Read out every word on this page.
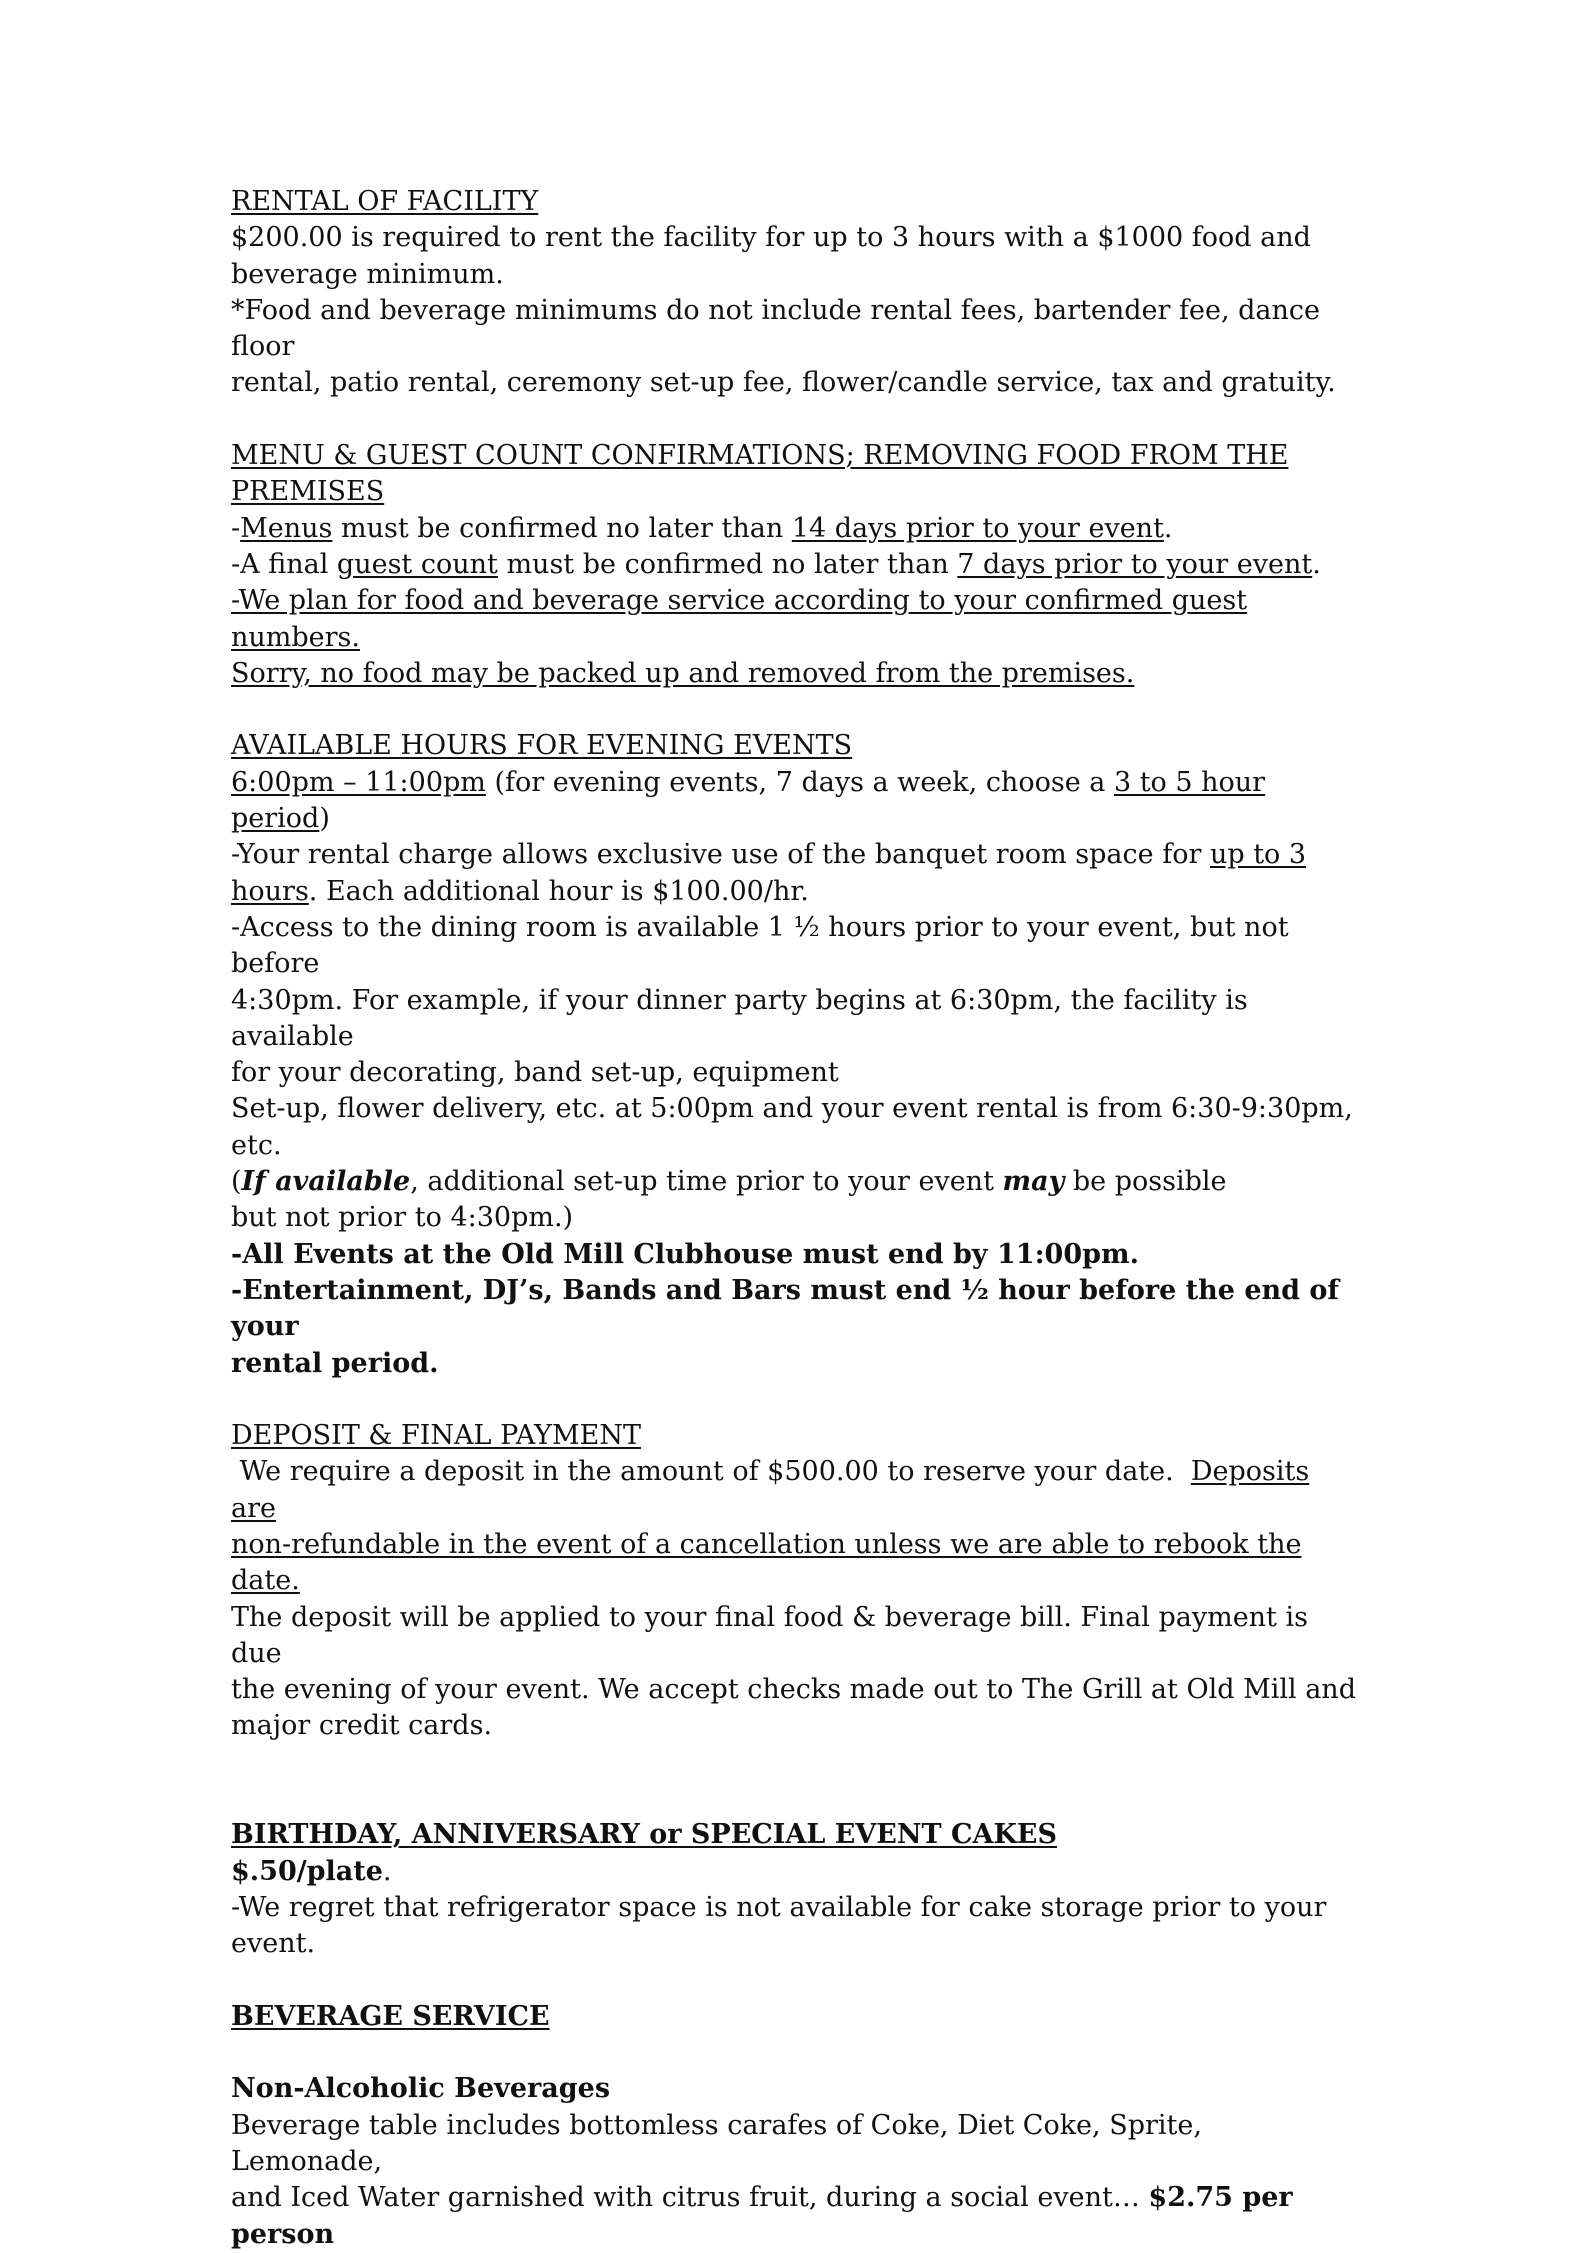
RENTAL OF FACILITY

$200.00 is required to rent the facility for up to 3 hours with a $1000 food and

beverage minimum.

*Food and beverage minimums do not include rental fees, bartender fee, dance floor

rental, patio rental, ceremony set-up fee, flower/candle service, tax and gratuity.

MENU & GUEST COUNT CONFIRMATIONS; REMOVING FOOD FROM THE PREMISES

-Menus must be confirmed no later than 14 days prior to your event.

-A final guest count must be confirmed no later than 7 days prior to your event.

-We plan for food and beverage service according to your confirmed guest numbers.

Sorry, no food may be packed up and removed from the premises.

AVAILABLE HOURS FOR EVENING EVENTS

6:00pm – 11:00pm (for evening events, 7 days a week, choose a 3 to 5 hour period)

-Your rental charge allows exclusive use of the banquet room space for up to 3

hours. Each additional hour is $100.00/hr.

-Access to the dining room is available 1 ½ hours prior to your event, but not before

4:30pm. For example, if your dinner party begins at 6:30pm, the facility is available

for your decorating, band set-up, equipment

Set-up, flower delivery, etc. at 5:00pm and your event rental is from 6:30-9:30pm,

etc.

(If available, additional set-up time prior to your event may be possible

but not prior to 4:30pm.)

-All Events at the Old Mill Clubhouse must end by 11:00pm.

-Entertainment, DJ’s, Bands and Bars must end ½ hour before the end of your

rental period.

DEPOSIT & FINAL PAYMENT

We require a deposit in the amount of $500.00 to reserve your date.  Deposits are

non-refundable in the event of a cancellation unless we are able to rebook the date.

The deposit will be applied to your final food & beverage bill. Final payment is due

the evening of your event. We accept checks made out to The Grill at Old Mill and

major credit cards.

BIRTHDAY, ANNIVERSARY or SPECIAL EVENT CAKES

$.50/plate.

-We regret that refrigerator space is not available for cake storage prior to your

event.

BEVERAGE SERVICE

Non-Alcoholic Beverages

Beverage table includes bottomless carafes of Coke, Diet Coke, Sprite, Lemonade,

and Iced Water garnished with citrus fruit, during a social event… $2.75 per person
